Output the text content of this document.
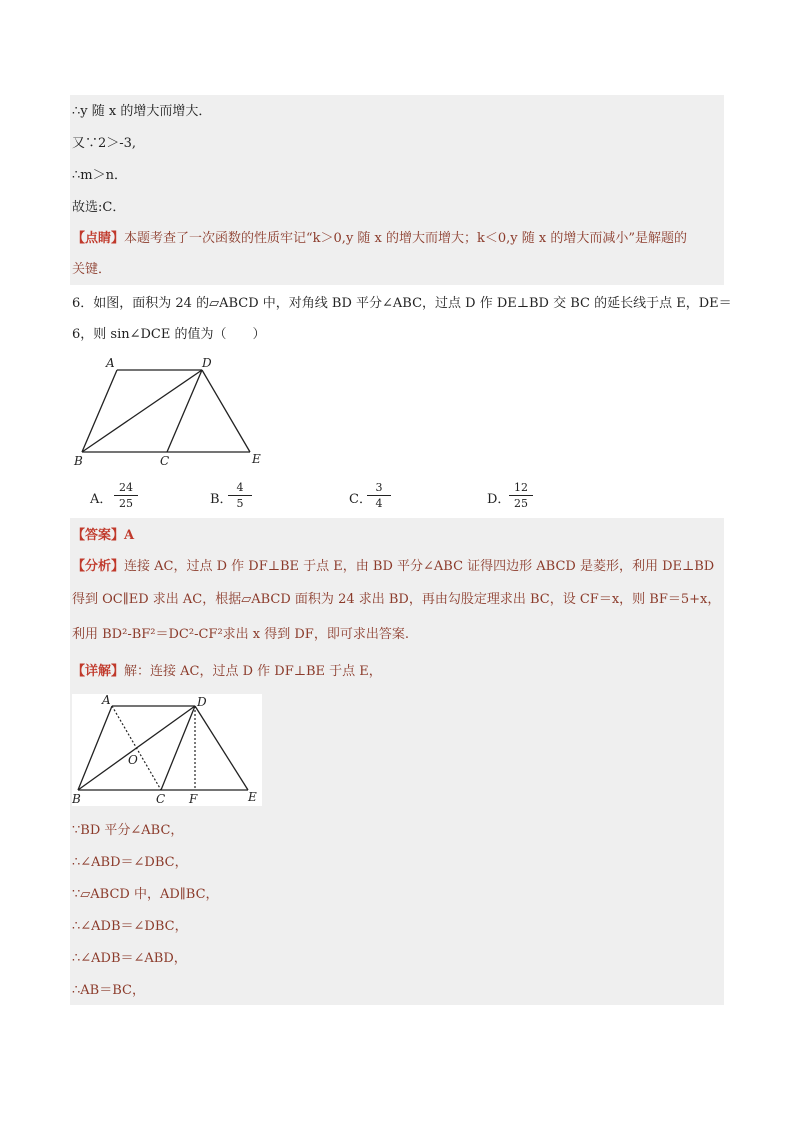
∴y 随 x 的增大而增大．
又∵2＞-3,
∴m＞n．
故选:C．
【点睛】本题考查了一次函数的性质牢记“k＞0,y 随 x 的增大而增大；k＜0,y 随 x 的增大而减小”是解题的
关键．
6．如图，面积为 24 的▱ABCD 中，对角线 BD 平分∠ABC，过点 D 作 DE⊥BD 交 BC 的延长线于点 E，DE＝
6，则 sin∠DCE 的值为（　　）
A	D
B	C	E
A． $\frac{24}{25}$	B．
$\frac{4}{5}$	C．
$\frac{3}{4}$	D．
$\frac{12}{25}$
【答案】A
【分析】连接 AC，过点 D 作 DF⊥BE 于点 E，由 BD 平分∠ABC 证得四边形 ABCD 是菱形，利用 DE⊥BD
得到 OC∥ED 求出 AC，根据▱ABCD 面积为 24 求出 BD，再由勾股定理求出 BC，设 CF＝x，则 BF＝5+x，
利用 BD²-BF²＝DC²-CF²求出 x 得到 DF，即可求出答案.
【详解】解：连接 AC，过点 D 作 DF⊥BE 于点 E，
A	D
O
B	C F	E
∵BD 平分∠ABC，
∴∠ABD＝∠DBC，
∵▱ABCD 中，AD∥BC，
∴∠ADB＝∠DBC，
∴∠ADB＝∠ABD，
∴AB＝BC，
